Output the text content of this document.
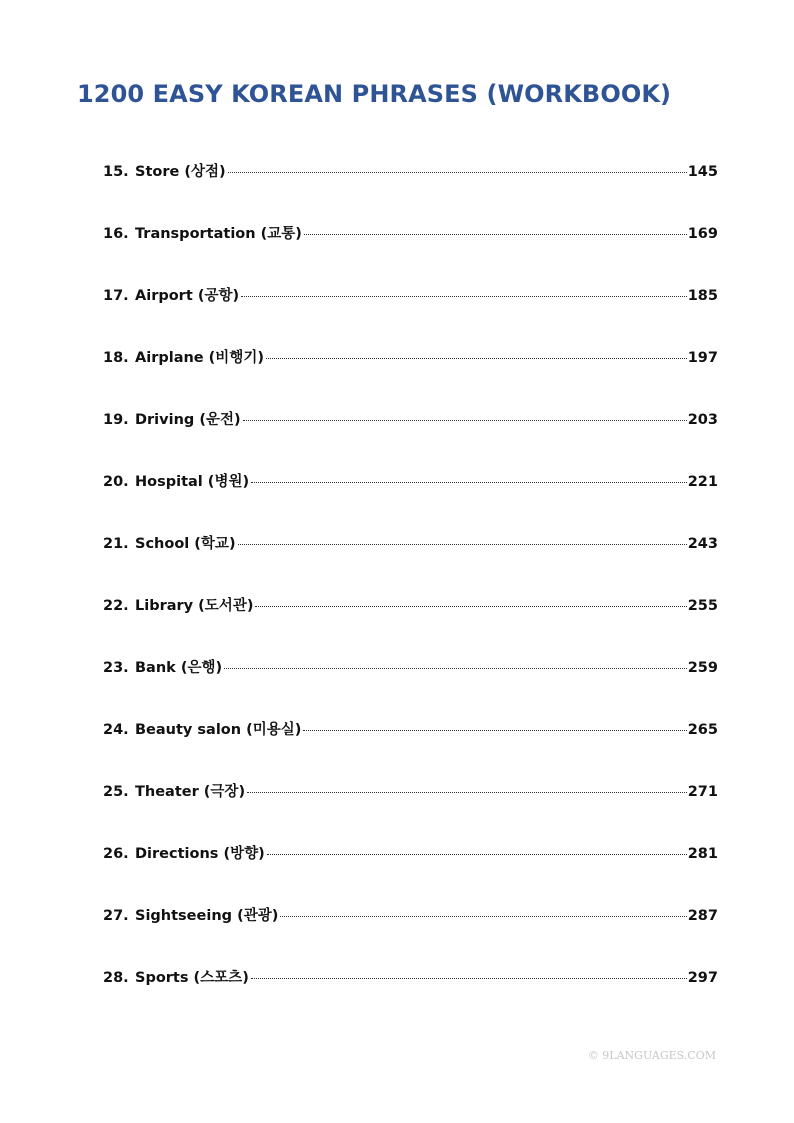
1200 EASY KOREAN PHRASES (WORKBOOK)
15. Store (상점)	145
16. Transportation (교통)	169
17. Airport (공항)	185
18. Airplane (비행기)	197
19. Driving (운전)	203
20. Hospital (병원)	221
21. School (학교)	243
22. Library (도서관)	255
23. Bank (은행)	259
24. Beauty salon (미용실)	265
25. Theater (극장)	271
26. Directions (방향)	281
27. Sightseeing (관광)	287
28. Sports (스포츠)	297
© 9LANGUAGES.COM
